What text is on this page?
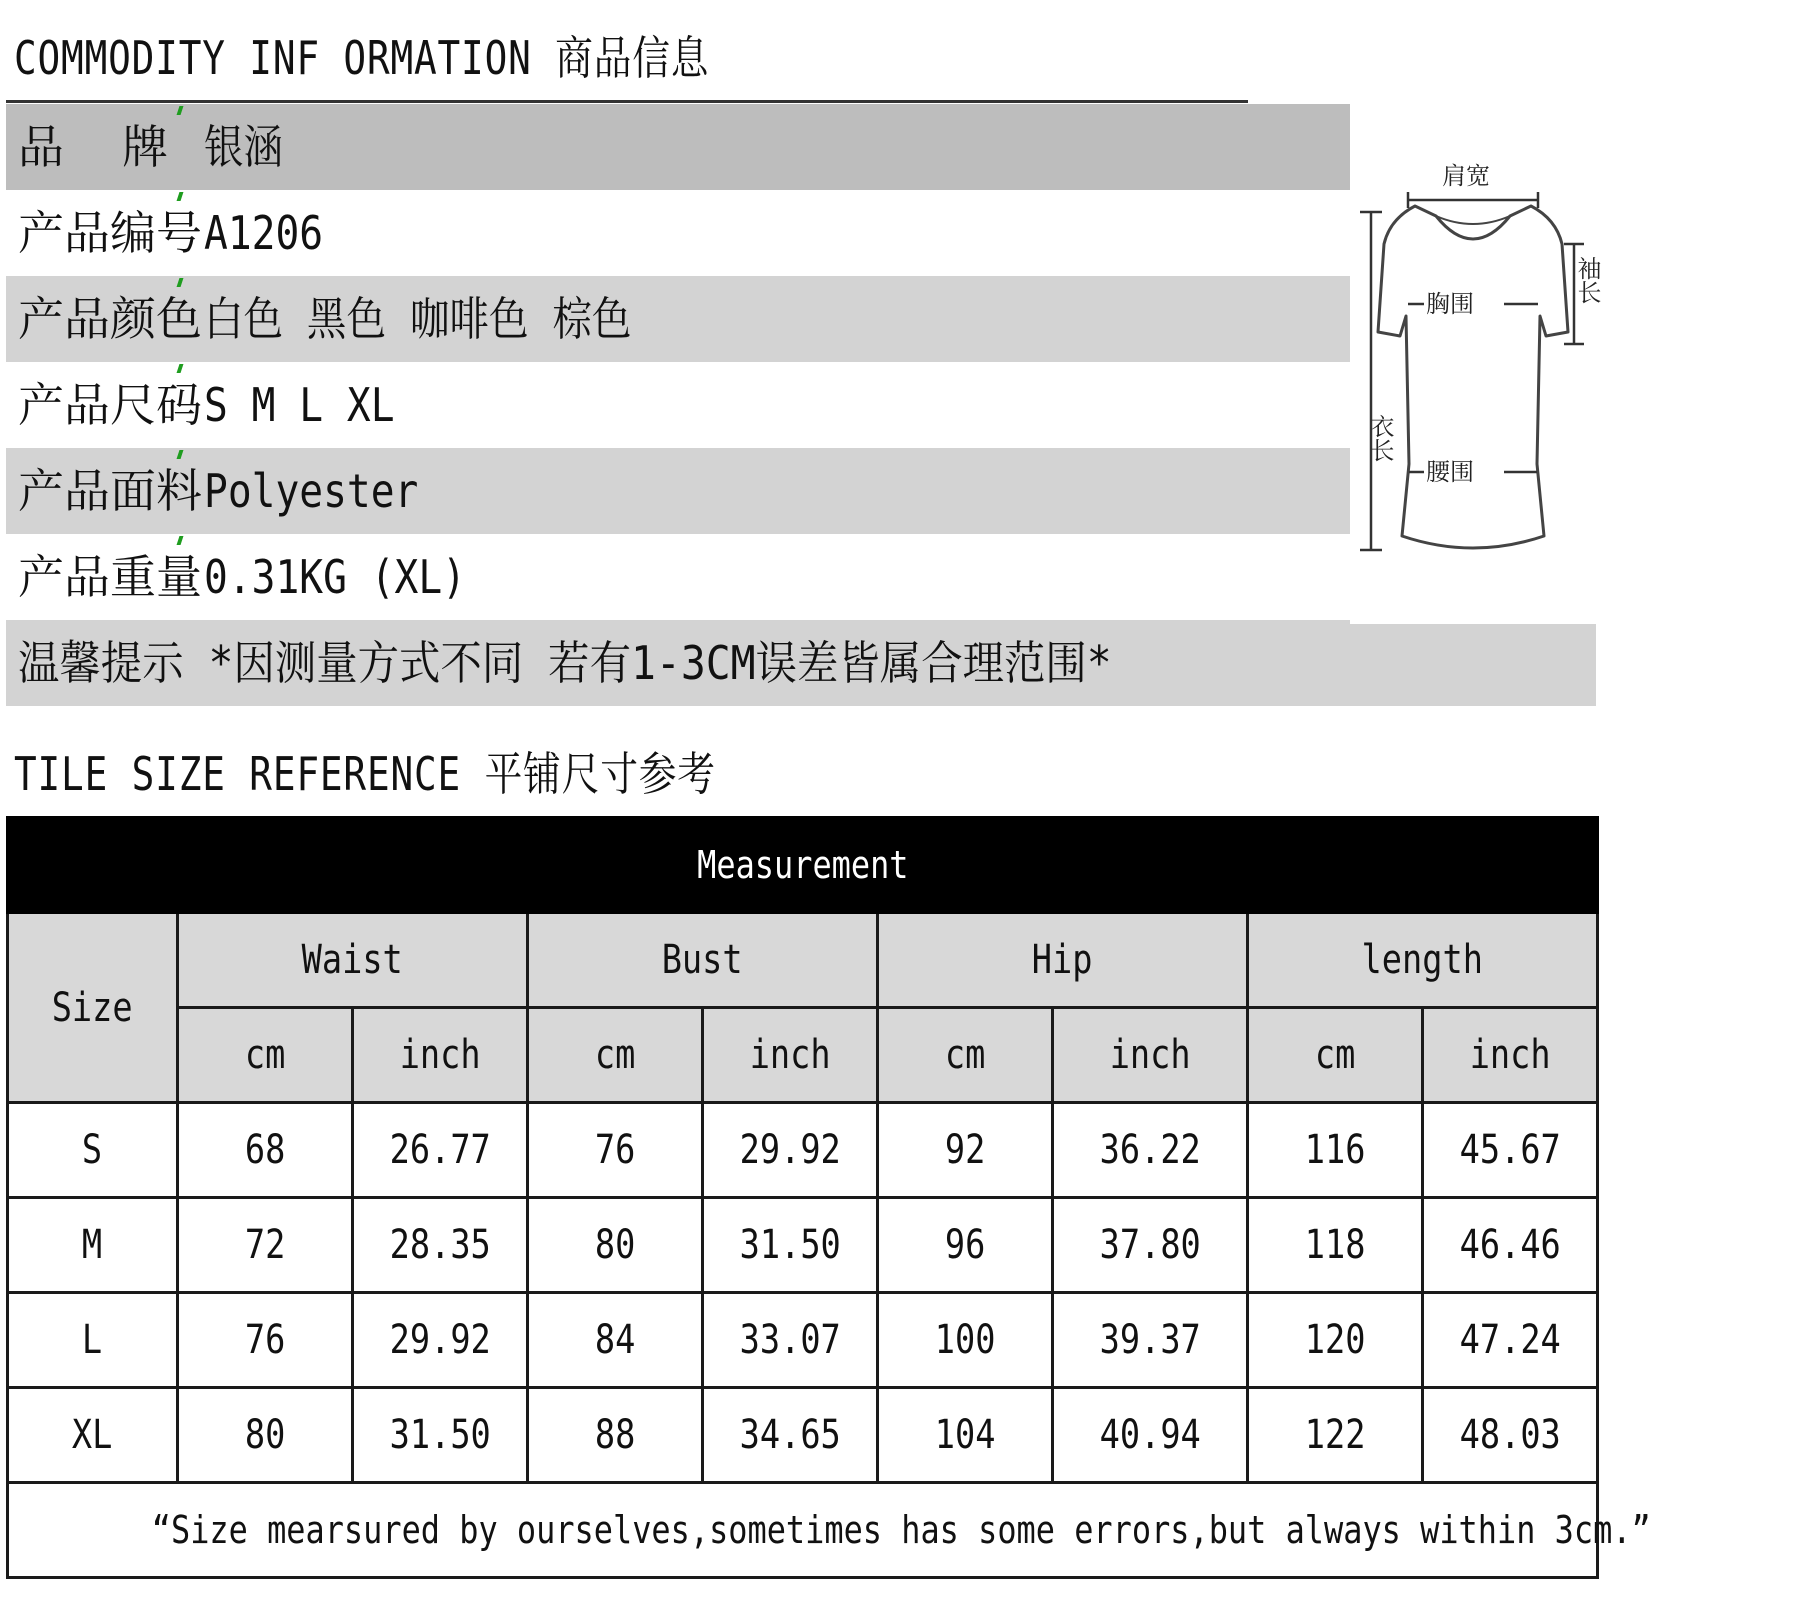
COMMODITY INF ORMATION 商品信息
品牌
银涵
产品编号 A1206
产品颜色 白色 黑色 咖啡色 棕色
产品尺码 S M L XL
产品面料 Polyester
产品重量 0.31KG (XL)
温馨提示 *因测量方式不同 若有1-3CM误差皆属合理范围*
肩宽
胸围
腰围
衣长
袖长
TILE SIZE REFERENCE 平铺尺寸参考
Measurement								
Size	Waist		Bust		Hip		length	
	cm	inch	cm	inch	cm	inch	cm	inch
S	68	26.77	76	29.92	92	36.22	116	45.67
M	72	28.35	80	31.50	96	37.80	118	46.46
L	76	29.92	84	33.07	100	39.37	120	47.24
XL	80	31.50	88	34.65	104	40.94	122	48.03
“Size mearsured by ourselves,sometimes has some errors,but always within 3cm.”								
